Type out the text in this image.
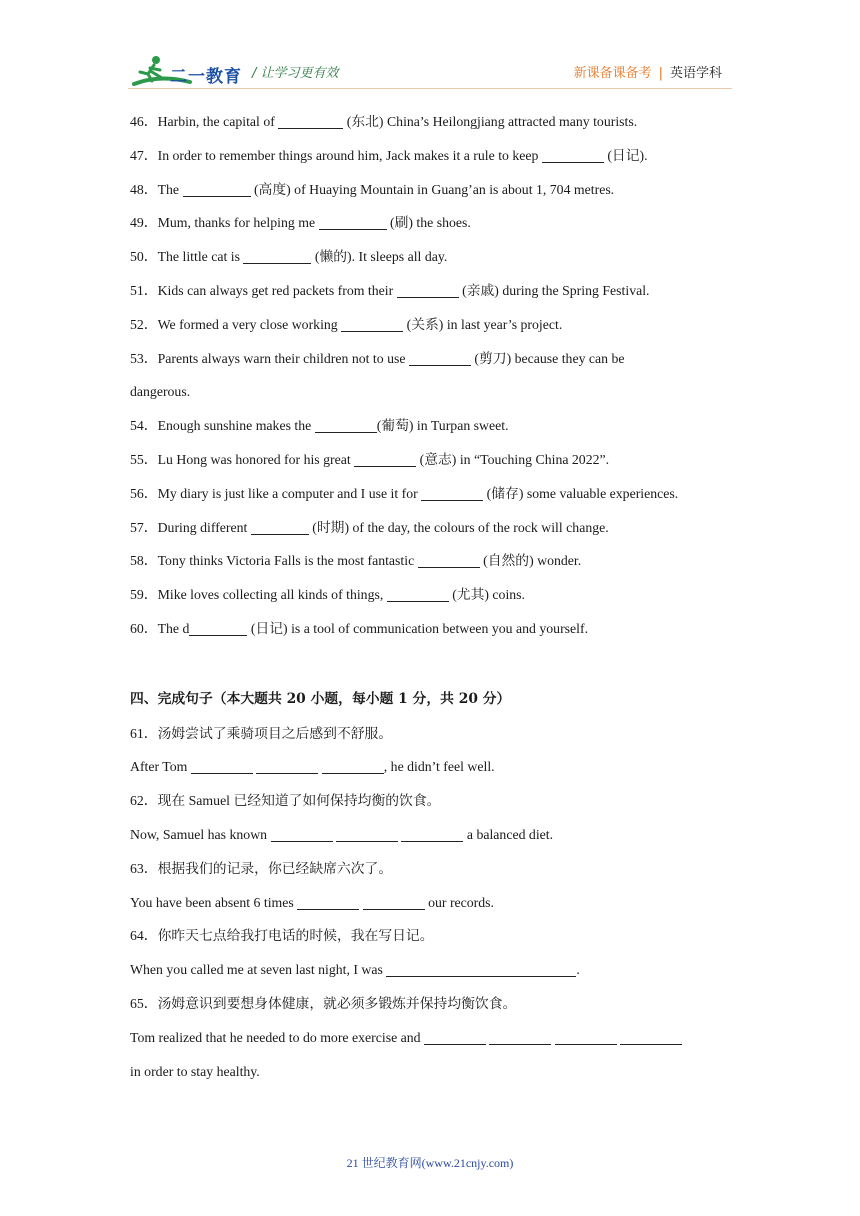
二一教育 / 让学习更有效	新课备课备考 | 英语学科
46．Harbin, the capital of	(东北) China’s Heilongjiang attracted many tourists.
47．In order to remember things around him, Jack makes it a rule to keep	(日记).
48．The	(高度) of Huaying Mountain in Guang’an is about 1, 704 metres.
49．Mum, thanks for helping me	(刷) the shoes.
50．The little cat is	(懒的). It sleeps all day.
51．Kids can always get red packets from their	(亲戚) during the Spring Festival.
52．We formed a very close working	(关系) in last year’s project.
53．Parents always warn their children not to use	(剪刀) because they can be
dangerous.
54．Enough sunshine makes the	(葡萄) in Turpan sweet.
55．Lu Hong was honored for his great	(意志) in “Touching China 2022”.
56．My diary is just like a computer and I use it for	(储存) some valuable experiences.
57．During different	(时期) of the day, the colours of the rock will change.
58．Tony thinks Victoria Falls is the most fantastic	(自然的) wonder.
59．Mike loves collecting all kinds of things,	(尤其) coins.
60．The d	(日记) is a tool of communication between you and yourself.
四、完成句子（本大题共 20 小题，每小题 1 分，共 20 分）
61．汤姆尝试了乘骑项目之后感到不舒服。
After Tom	, he didn’t feel well.
62．现在 Samuel 已经知道了如何保持均衡的饮食。
Now, Samuel has known	a balanced diet.
63．根据我们的记录，你已经缺席六次了。
You have been absent 6 times	our records.
64．你昨天七点给我打电话的时候，我在写日记。
When you called me at seven last night, I was	.
65．汤姆意识到要想身体健康，就必须多锻炼并保持均衡饮食。
Tom realized that he needed to do more exercise and
in order to stay healthy.
21 世纪教育网(www.21cnjy.com)
